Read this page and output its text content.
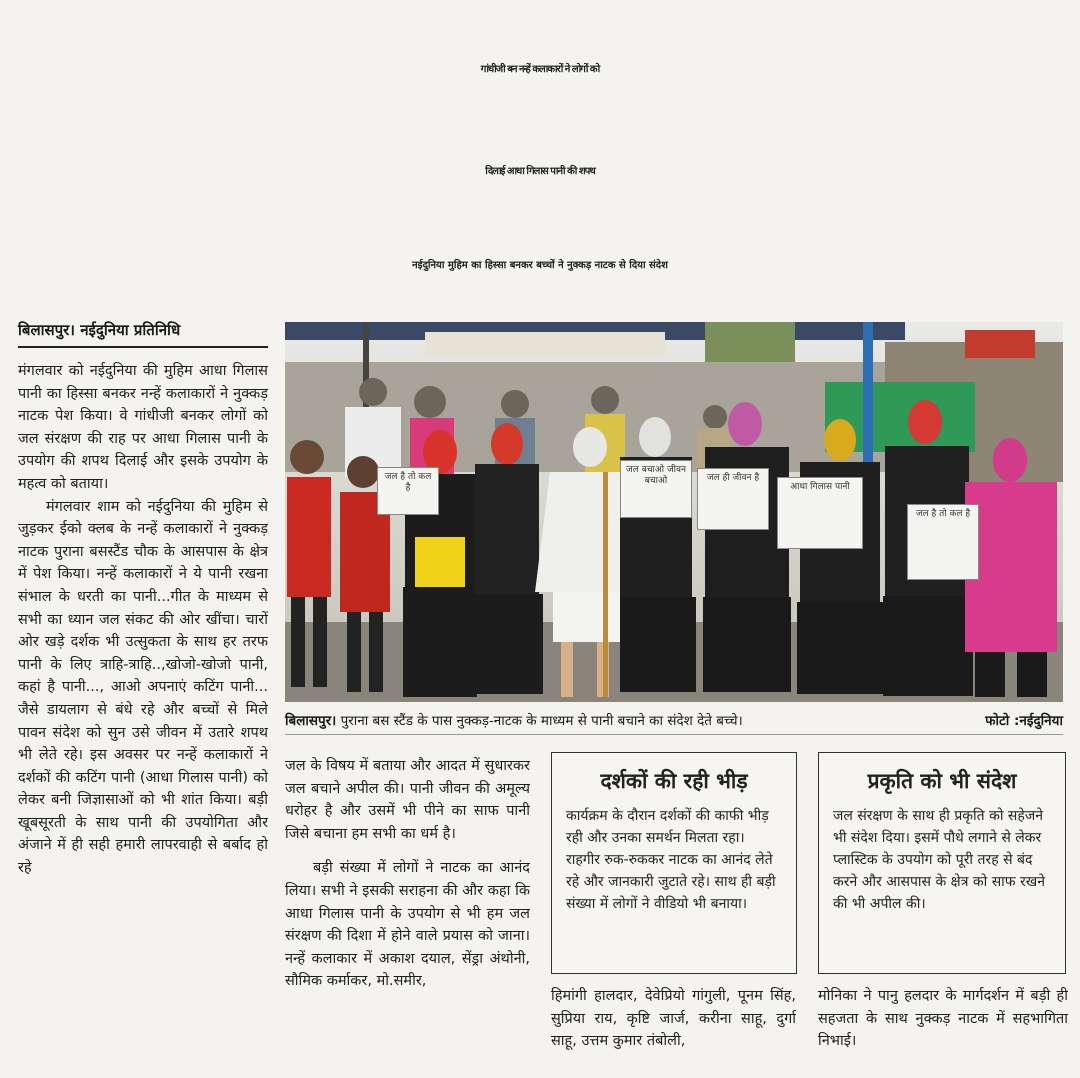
गांधीजी बन नन्हें कलाकारों ने लोगों को
दिलाई आधा गिलास पानी की शपथ
नईदुनिया मुहिम का हिस्सा बनकर बच्चों ने नुक्कड़ नाटक से दिया संदेश
बिलासपुर। नईदुनिया प्रतिनिधि

मंगलवार को नईदुनिया की मुहिम आधा गिलास पानी का हिस्सा बनकर नन्हें कलाकारों ने नुक्कड़ नाटक पेश किया। वे गांधीजी बनकर लोगों को जल संरक्षण की राह पर आधा गिलास पानी के उपयोग की शपथ दिलाई और इसके उपयोग के महत्व को बताया।

मंगलवार शाम को नईदुनिया की मुहिम से जुड़कर ईको क्लब के नन्हें कलाकारों ने नुक्कड़ नाटक पुराना बसस्टैंड चौक के आसपास के क्षेत्र में पेश किया। नन्हें कलाकारों ने ये पानी रखना संभाल के धरती का पानी...गीत के माध्यम से सभी का ध्यान जल संकट की ओर खींचा। चारों ओर खड़े दर्शक भी उत्सुकता के साथ हर तरफ पानी के लिए त्राहि-त्राहि..,खोजो-खोजो पानी, कहां है पानी..., आओ अपनाएं कटिंग पानी... जैसे डायलाग से बंधे रहे और बच्चों से मिले पावन संदेश को सुन उसे जीवन में उतारे शपथ भी लेते रहे। इस अवसर पर नन्हें कलाकारों ने दर्शकों की कटिंग पानी (आधा गिलास पानी) को लेकर बनी जिज्ञासाओं को भी शांत किया। बड़ी खूबसूरती के साथ पानी की उपयोगिता और अंजाने में ही सही हमारी लापरवाही से बर्बाद हो रहे

जल है तो कल है
जल बचाओ जीवन बचाओ	जल ही जीवन है
आधा गिलास पानी
जल है तो कल है
बिलासपुर। पुराना बस स्टैंड के पास नुक्कड़-नाटक के माध्यम से पानी बचाने का संदेश देते बच्चे।	फोटो :नईदुनिया

जल के विषय में बताया और आदत में सुधारकर जल बचाने अपील की। पानी जीवन की अमूल्य धरोहर है और उसमें भी पीने का साफ पानी जिसे बचाना हम सभी का धर्म है।

बड़ी संख्या में लोगों ने नाटक का आनंद लिया। सभी ने इसकी सराहना की और कहा कि आधा गिलास पानी के उपयोग से भी हम जल संरक्षण की दिशा में होने वाले प्रयास को जाना। नन्हें कलाकार में अकाश दयाल, सेंड्रा अंथोनी, सौमिक कर्माकर, मो.समीर,

दर्शकों की रही भीड़

कार्यक्रम के दौरान दर्शकों की काफी भीड़ रही और उनका समर्थन मिलता रहा। राहगीर रुक-रुककर नाटक का आनंद लेते रहे और जानकारी जुटाते रहे। साथ ही बड़ी संख्या में लोगों ने वीडियो भी बनाया।

प्रकृति को भी संदेश

जल संरक्षण के साथ ही प्रकृति को सहेजने भी संदेश दिया। इसमें पौधे लगाने से लेकर प्लास्टिक के उपयोग को पूरी तरह से बंद करने और आसपास के क्षेत्र को साफ रखने की भी अपील की।

हिमांगी हालदार, देवेप्रियो गांगुली, पूनम सिंह, सुप्रिया राय, कृष्टि जार्ज, करीना साहू, दुर्गा साहू, उत्तम कुमार तंबोली,

मोनिका ने पानु हलदार के मार्गदर्शन में बड़ी ही सहजता के साथ नुक्कड़ नाटक में सहभागिता निभाई।
